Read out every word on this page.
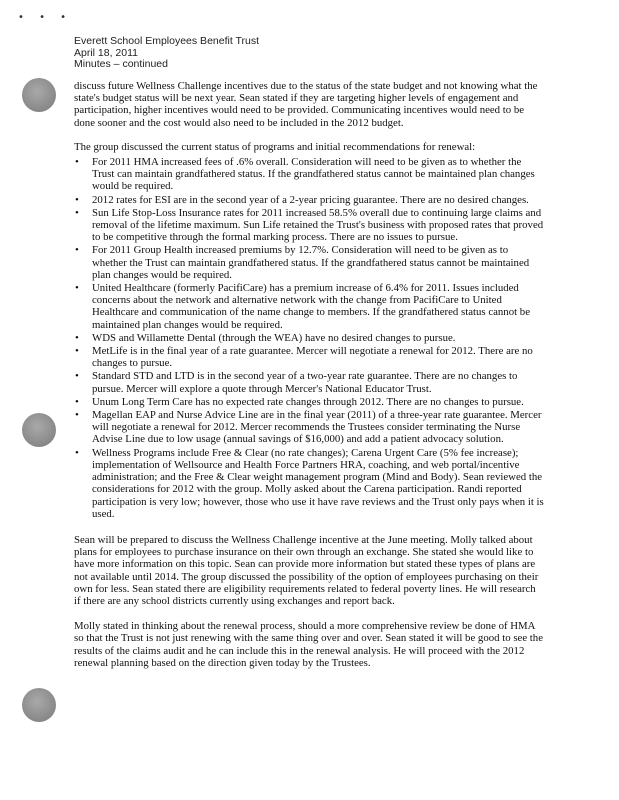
• • •
Everett School Employees Benefit Trust
April 18, 2011
Minutes – continued

discuss future Wellness Challenge incentives due to the status of the state budget and not knowing what the state's budget status will be next year. Sean stated if they are targeting higher levels of engagement and participation, higher incentives would need to be provided. Communicating incentives would need to be done sooner and the cost would also need to be included in the 2012 budget.

The group discussed the current status of programs and initial recommendations for renewal:

• For 2011 HMA increased fees of .6% overall. Consideration will need to be given as to whether the Trust can maintain grandfathered status. If the grandfathered status cannot be maintained plan changes would be required.
• 2012 rates for ESI are in the second year of a 2-year pricing guarantee. There are no desired changes.
• Sun Life Stop-Loss Insurance rates for 2011 increased 58.5% overall due to continuing large claims and removal of the lifetime maximum. Sun Life retained the Trust's business with proposed rates that proved to be competitive through the formal marking process. There are no issues to pursue.
• For 2011 Group Health increased premiums by 12.7%. Consideration will need to be given as to whether the Trust can maintain grandfathered status. If the grandfathered status cannot be maintained plan changes would be required.
• United Healthcare (formerly PacifiCare) has a premium increase of 6.4% for 2011. Issues included concerns about the network and alternative network with the change from PacifiCare to United Healthcare and communication of the name change to members. If the grandfathered status cannot be maintained plan changes would be required.
• WDS and Willamette Dental (through the WEA) have no desired changes to pursue.
• MetLife is in the final year of a rate guarantee. Mercer will negotiate a renewal for 2012. There are no changes to pursue.
• Standard STD and LTD is in the second year of a two-year rate guarantee. There are no changes to pursue. Mercer will explore a quote through Mercer's National Educator Trust.
• Unum Long Term Care has no expected rate changes through 2012. There are no changes to pursue.
• Magellan EAP and Nurse Advice Line are in the final year (2011) of a three-year rate guarantee. Mercer will negotiate a renewal for 2012. Mercer recommends the Trustees consider terminating the Nurse Advise Line due to low usage (annual savings of $16,000) and add a patient advocacy solution.
• Wellness Programs include Free & Clear (no rate changes); Carena Urgent Care (5% fee increase); implementation of Wellsource and Health Force Partners HRA, coaching, and web portal/incentive administration; and the Free & Clear weight management program (Mind and Body). Sean reviewed the considerations for 2012 with the group. Molly asked about the Carena participation. Randi reported participation is very low; however, those who use it have rave reviews and the Trust only pays when it is used.

Sean will be prepared to discuss the Wellness Challenge incentive at the June meeting. Molly talked about plans for employees to purchase insurance on their own through an exchange. She stated she would like to have more information on this topic. Sean can provide more information but stated these types of plans are not available until 2014. The group discussed the possibility of the option of employees purchasing on their own for less. Sean stated there are eligibility requirements related to federal poverty lines. He will research if there are any school districts currently using exchanges and report back.

Molly stated in thinking about the renewal process, should a more comprehensive review be done of HMA so that the Trust is not just renewing with the same thing over and over. Sean stated it will be good to see the results of the claims audit and he can include this in the renewal analysis. He will proceed with the 2012 renewal planning based on the direction given today by the Trustees.
